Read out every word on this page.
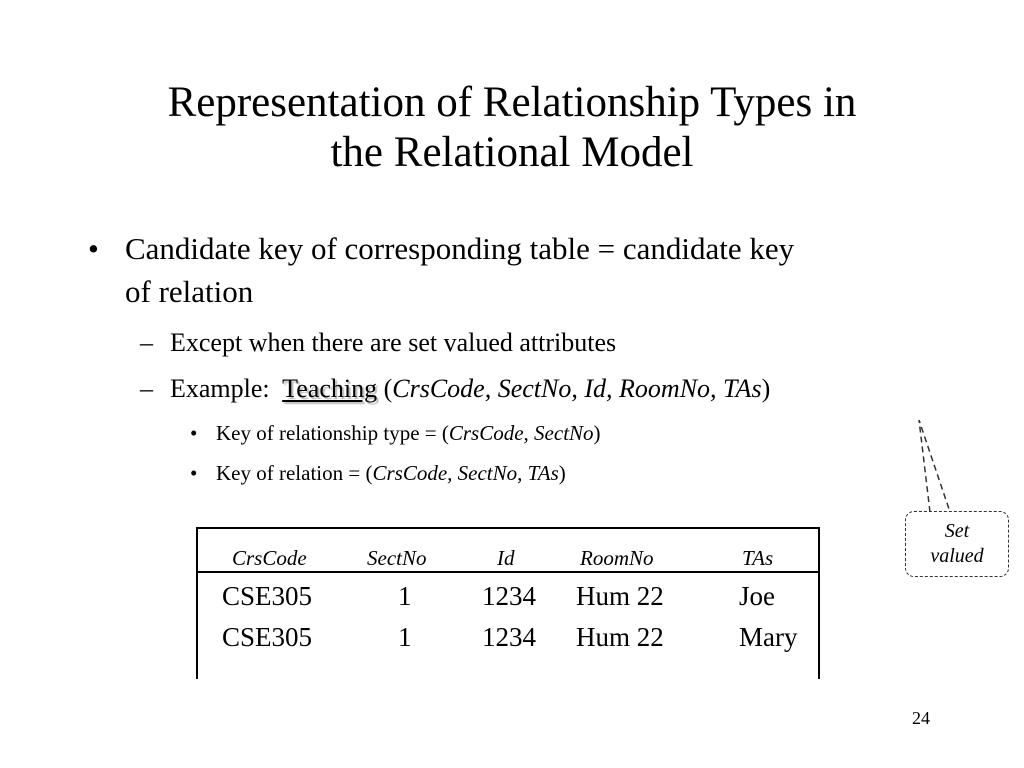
Representation of Relationship Types in
the Relational Model
• Candidate key of corresponding table = candidate key
of relation
– Except when there are set valued attributes
– Example:  Teaching (CrsCode, SectNo, Id, RoomNo, TAs)
• Key of relationship type = (CrsCode, SectNo)
• Key of relation = (CrsCode, SectNo, TAs)
CrsCode	SectNo	Id	RoomNo	TAs
CSE305	1	1234 Hum 22	Joe
CSE305	1	1234 Hum 22	Mary
Set
valued
24
